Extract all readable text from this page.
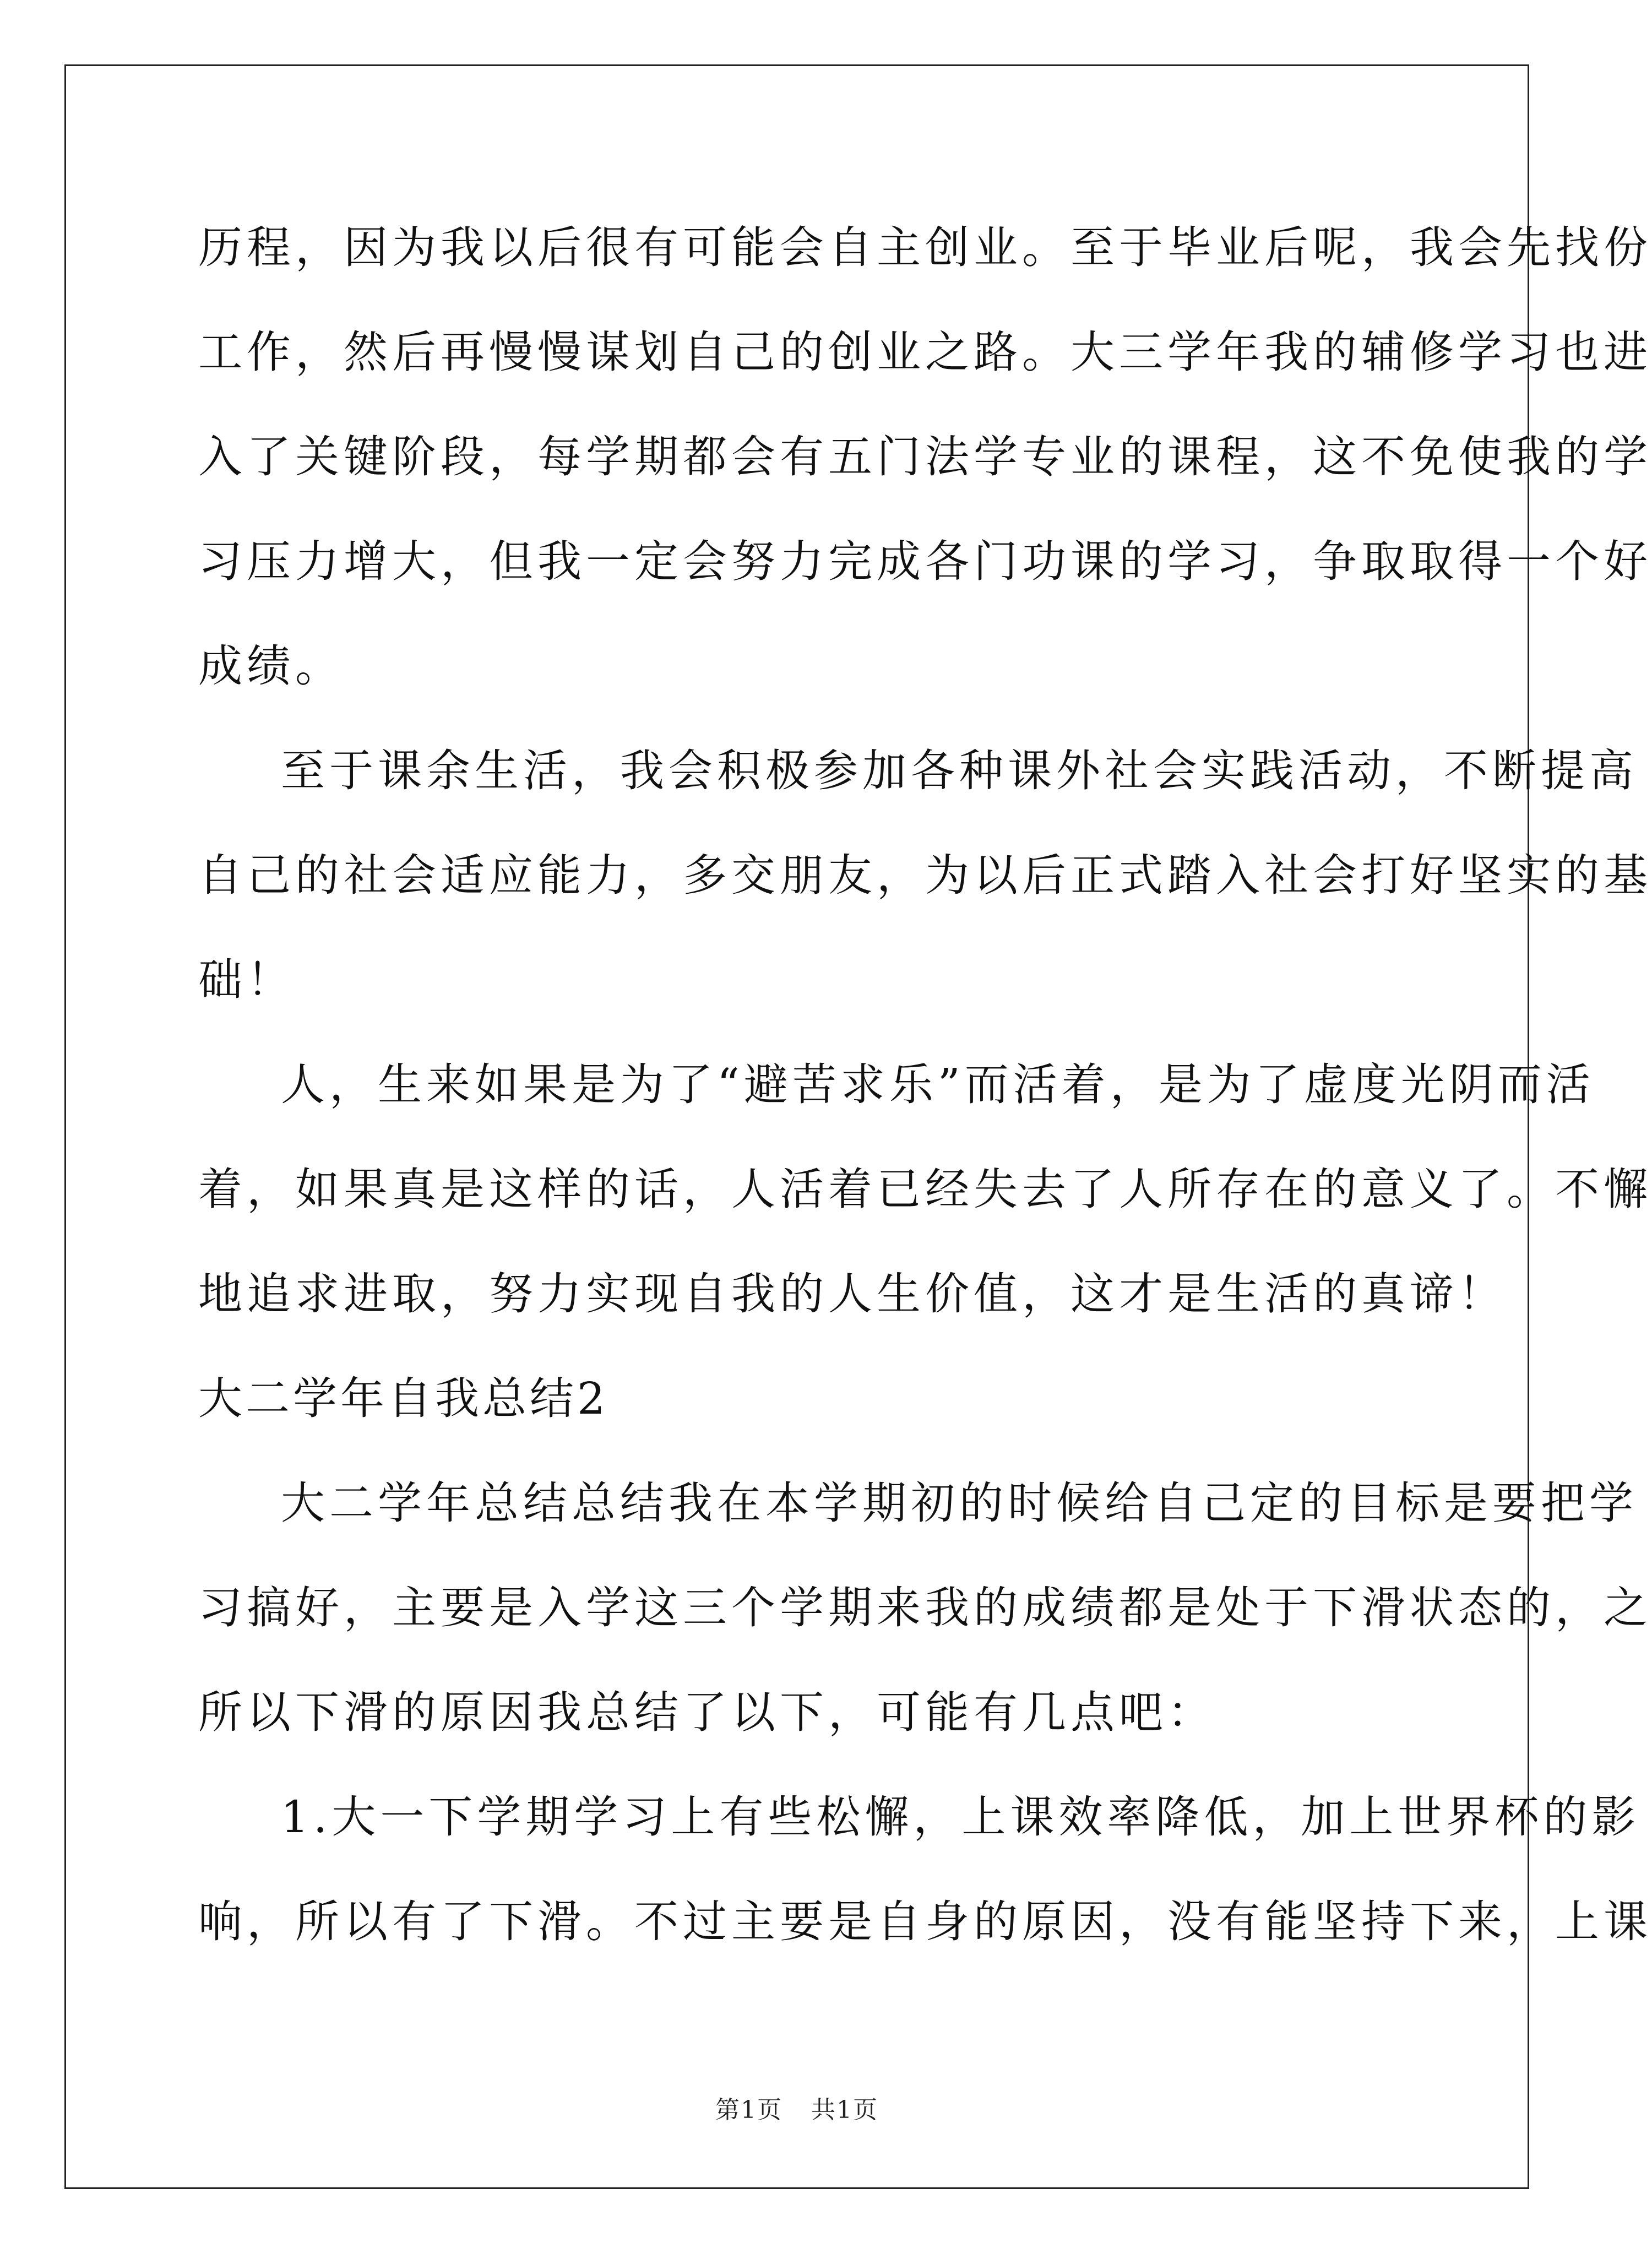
历程，因为我以后很有可能会自主创业。至于毕业后呢，我会先找份
工作，然后再慢慢谋划自己的创业之路。大三学年我的辅修学习也进
入了关键阶段，每学期都会有五门法学专业的课程，这不免使我的学
习压力增大，但我一定会努力完成各门功课的学习，争取取得一个好
成绩。
至于课余生活，我会积极参加各种课外社会实践活动，不断提高
自己的社会适应能力，多交朋友，为以后正式踏入社会打好坚实的基
础！
人，生来如果是为了“避苦求乐”而活着，是为了虚度光阴而活
着，如果真是这样的话，人活着已经失去了人所存在的意义了。不懈
地追求进取，努力实现自我的人生价值，这才是生活的真谛！
大二学年自我总结2
大二学年总结总结我在本学期初的时候给自己定的目标是要把学
习搞好，主要是入学这三个学期来我的成绩都是处于下滑状态的，之
所以下滑的原因我总结了以下，可能有几点吧：
1.大一下学期学习上有些松懈，上课效率降低，加上世界杯的影
响，所以有了下滑。不过主要是自身的原因，没有能坚持下来，上课
第1页 共1页
